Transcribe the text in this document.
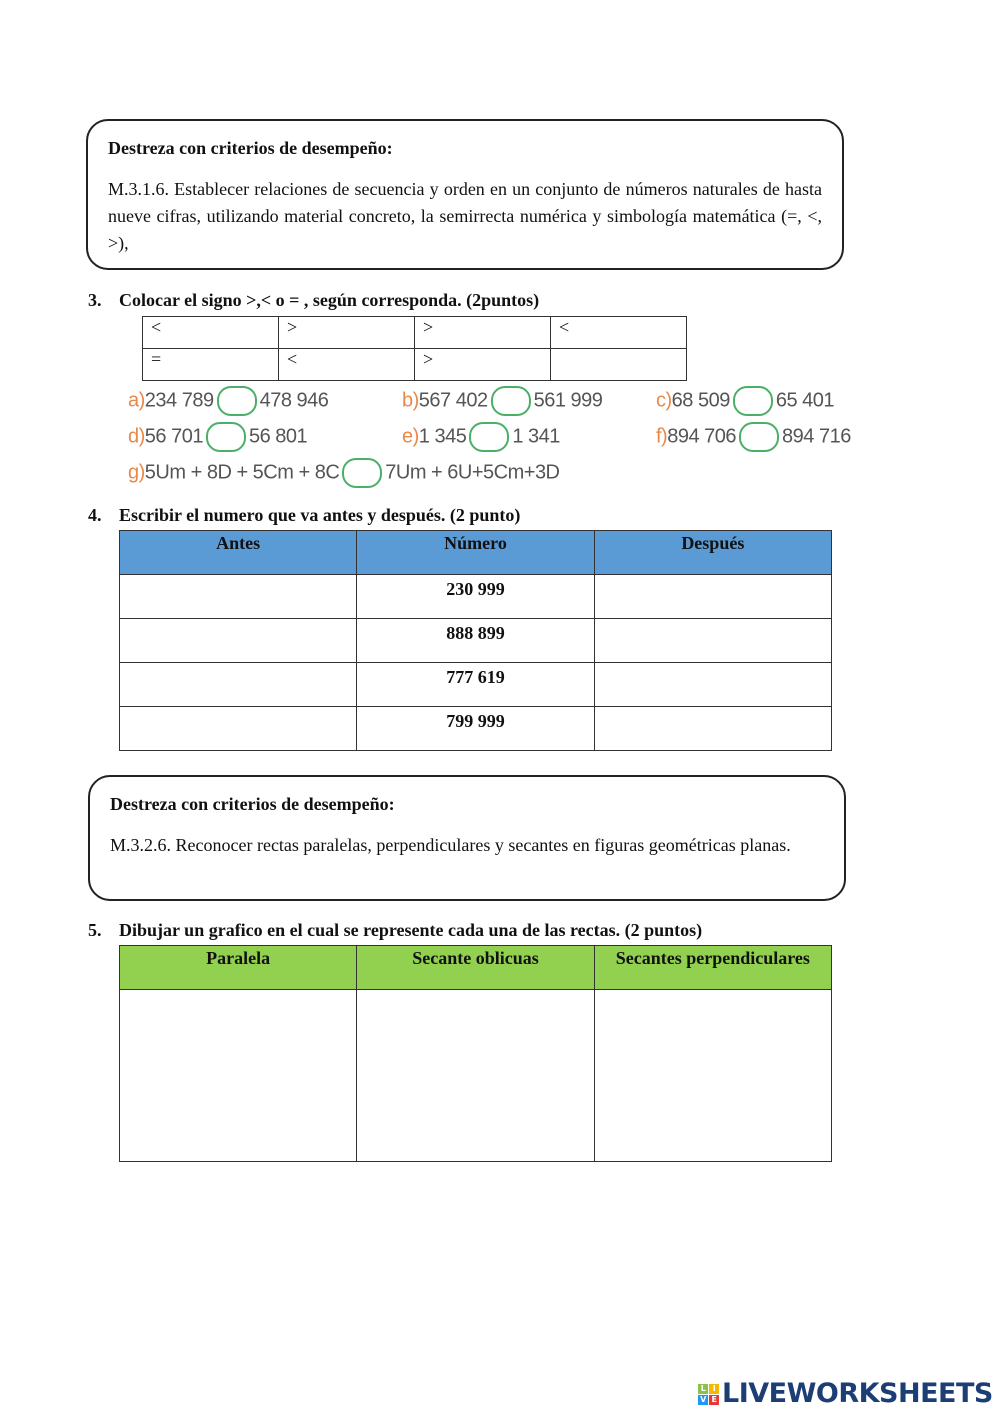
Destreza con criterios de desempeño:
M.3.1.6. Establecer relaciones de secuencia y orden en un conjunto de números naturales de hasta nueve cifras, utilizando material concreto, la semirrecta numérica y simbología matemática (=, <, >),
3. Colocar el signo >,< o = , según corresponda. (2puntos)
<	>	>	<
=	<	>	
a)234 789 478 946	b)567 402 561 999	c)68 509 65 401
d)56 701 56 801	e)1 345 1 341	f)894 706 894 716
g)5Um + 8D + 5Cm + 8C 7Um + 6U+5Cm+3D
4. Escribir el numero que va antes y después. (2 punto)
Antes	Número	Después
	230 999	
	888 899	
	777 619	
	799 999	
Destreza con criterios de desempeño:
M.3.2.6. Reconocer rectas paralelas, perpendiculares y secantes en figuras geométricas planas.
5. Dibujar un grafico en el cual se represente cada una de las rectas. (2 puntos)
Paralela	Secante oblicuas	Secantes perpendiculares

L I
V E LIVEWORKSHEETS
